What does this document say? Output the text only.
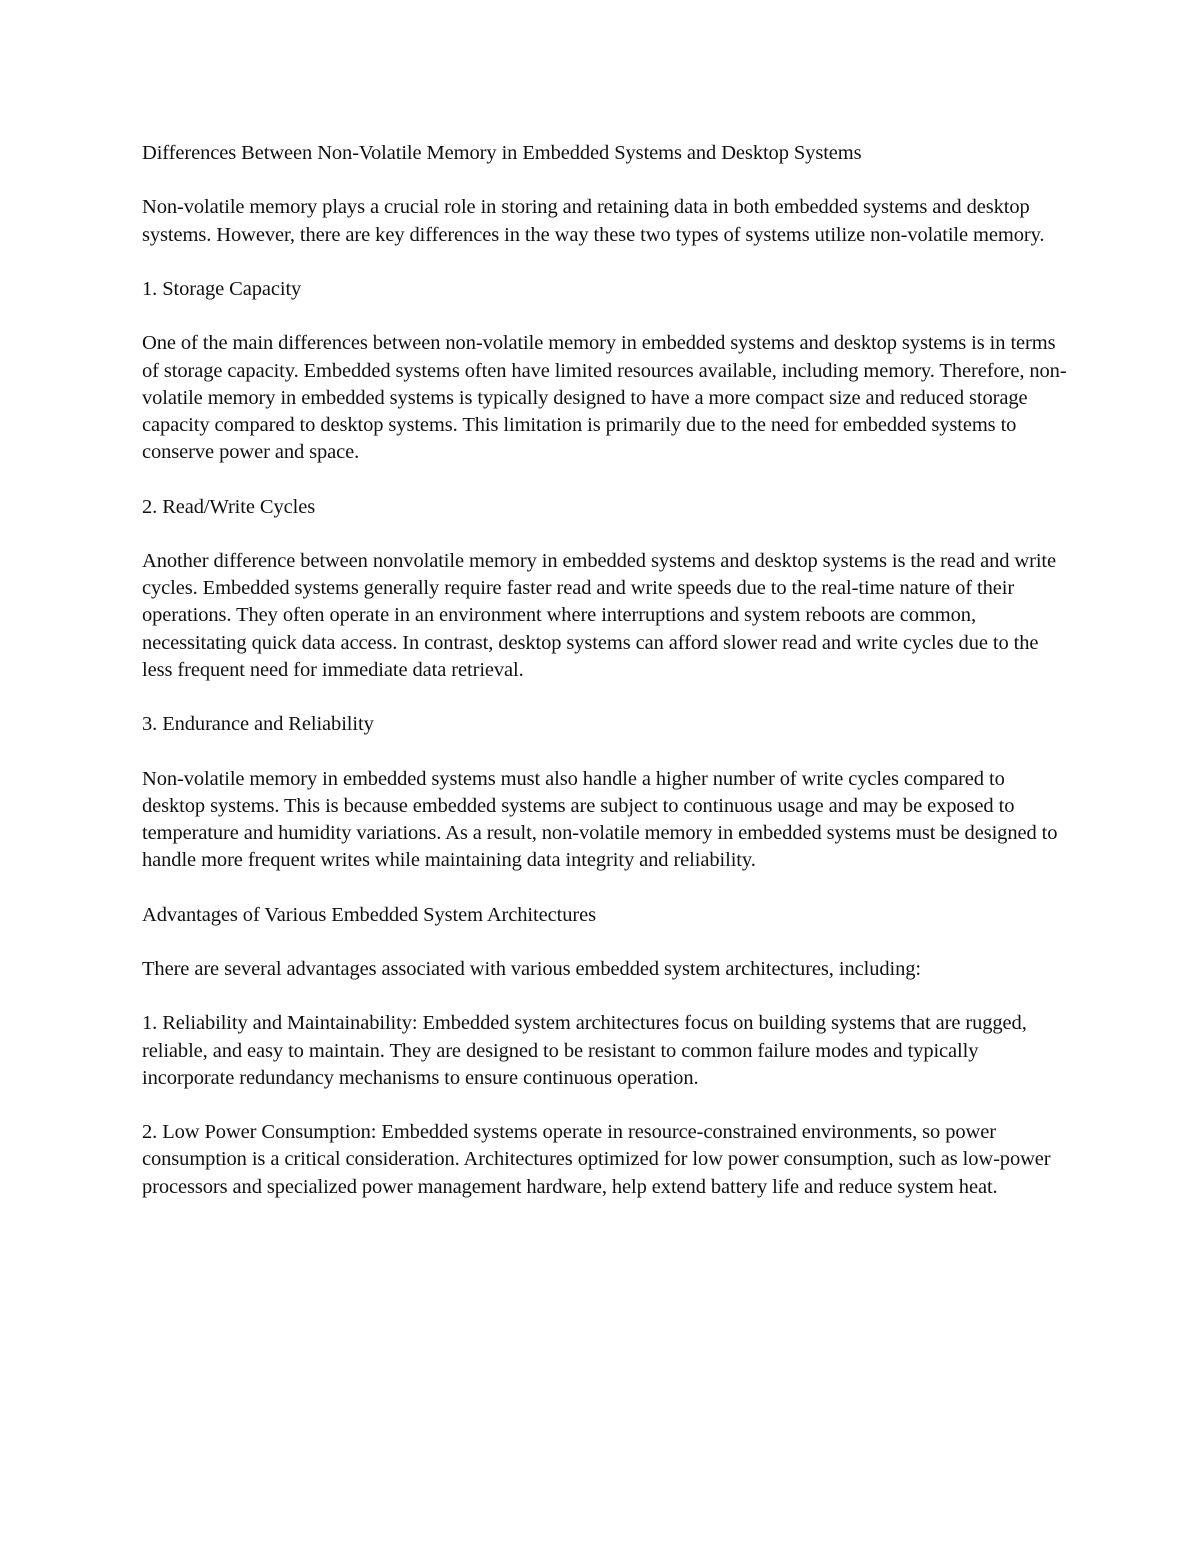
Differences Between Non-Volatile Memory in Embedded Systems and Desktop Systems

Non-volatile memory plays a crucial role in storing and retaining data in both embedded systems and desktop systems. However, there are key differences in the way these two types of systems utilize non-volatile memory.

1. Storage Capacity

One of the main differences between non-volatile memory in embedded systems and desktop systems is in terms of storage capacity. Embedded systems often have limited resources available, including memory. Therefore, non-volatile memory in embedded systems is typically designed to have a more compact size and reduced storage capacity compared to desktop systems. This limitation is primarily due to the need for embedded systems to conserve power and space.

2. Read/Write Cycles

Another difference between nonvolatile memory in embedded systems and desktop systems is the read and write cycles. Embedded systems generally require faster read and write speeds due to the real-time nature of their operations. They often operate in an environment where interruptions and system reboots are common, necessitating quick data access. In contrast, desktop systems can afford slower read and write cycles due to the less frequent need for immediate data retrieval.

3. Endurance and Reliability

Non-volatile memory in embedded systems must also handle a higher number of write cycles compared to desktop systems. This is because embedded systems are subject to continuous usage and may be exposed to temperature and humidity variations. As a result, non-volatile memory in embedded systems must be designed to handle more frequent writes while maintaining data integrity and reliability.

Advantages of Various Embedded System Architectures

There are several advantages associated with various embedded system architectures, including:

1. Reliability and Maintainability: Embedded system architectures focus on building systems that are rugged, reliable, and easy to maintain. They are designed to be resistant to common failure modes and typically incorporate redundancy mechanisms to ensure continuous operation.

2. Low Power Consumption: Embedded systems operate in resource-constrained environments, so power consumption is a critical consideration. Architectures optimized for low power consumption, such as low-power processors and specialized power management hardware, help extend battery life and reduce system heat.
